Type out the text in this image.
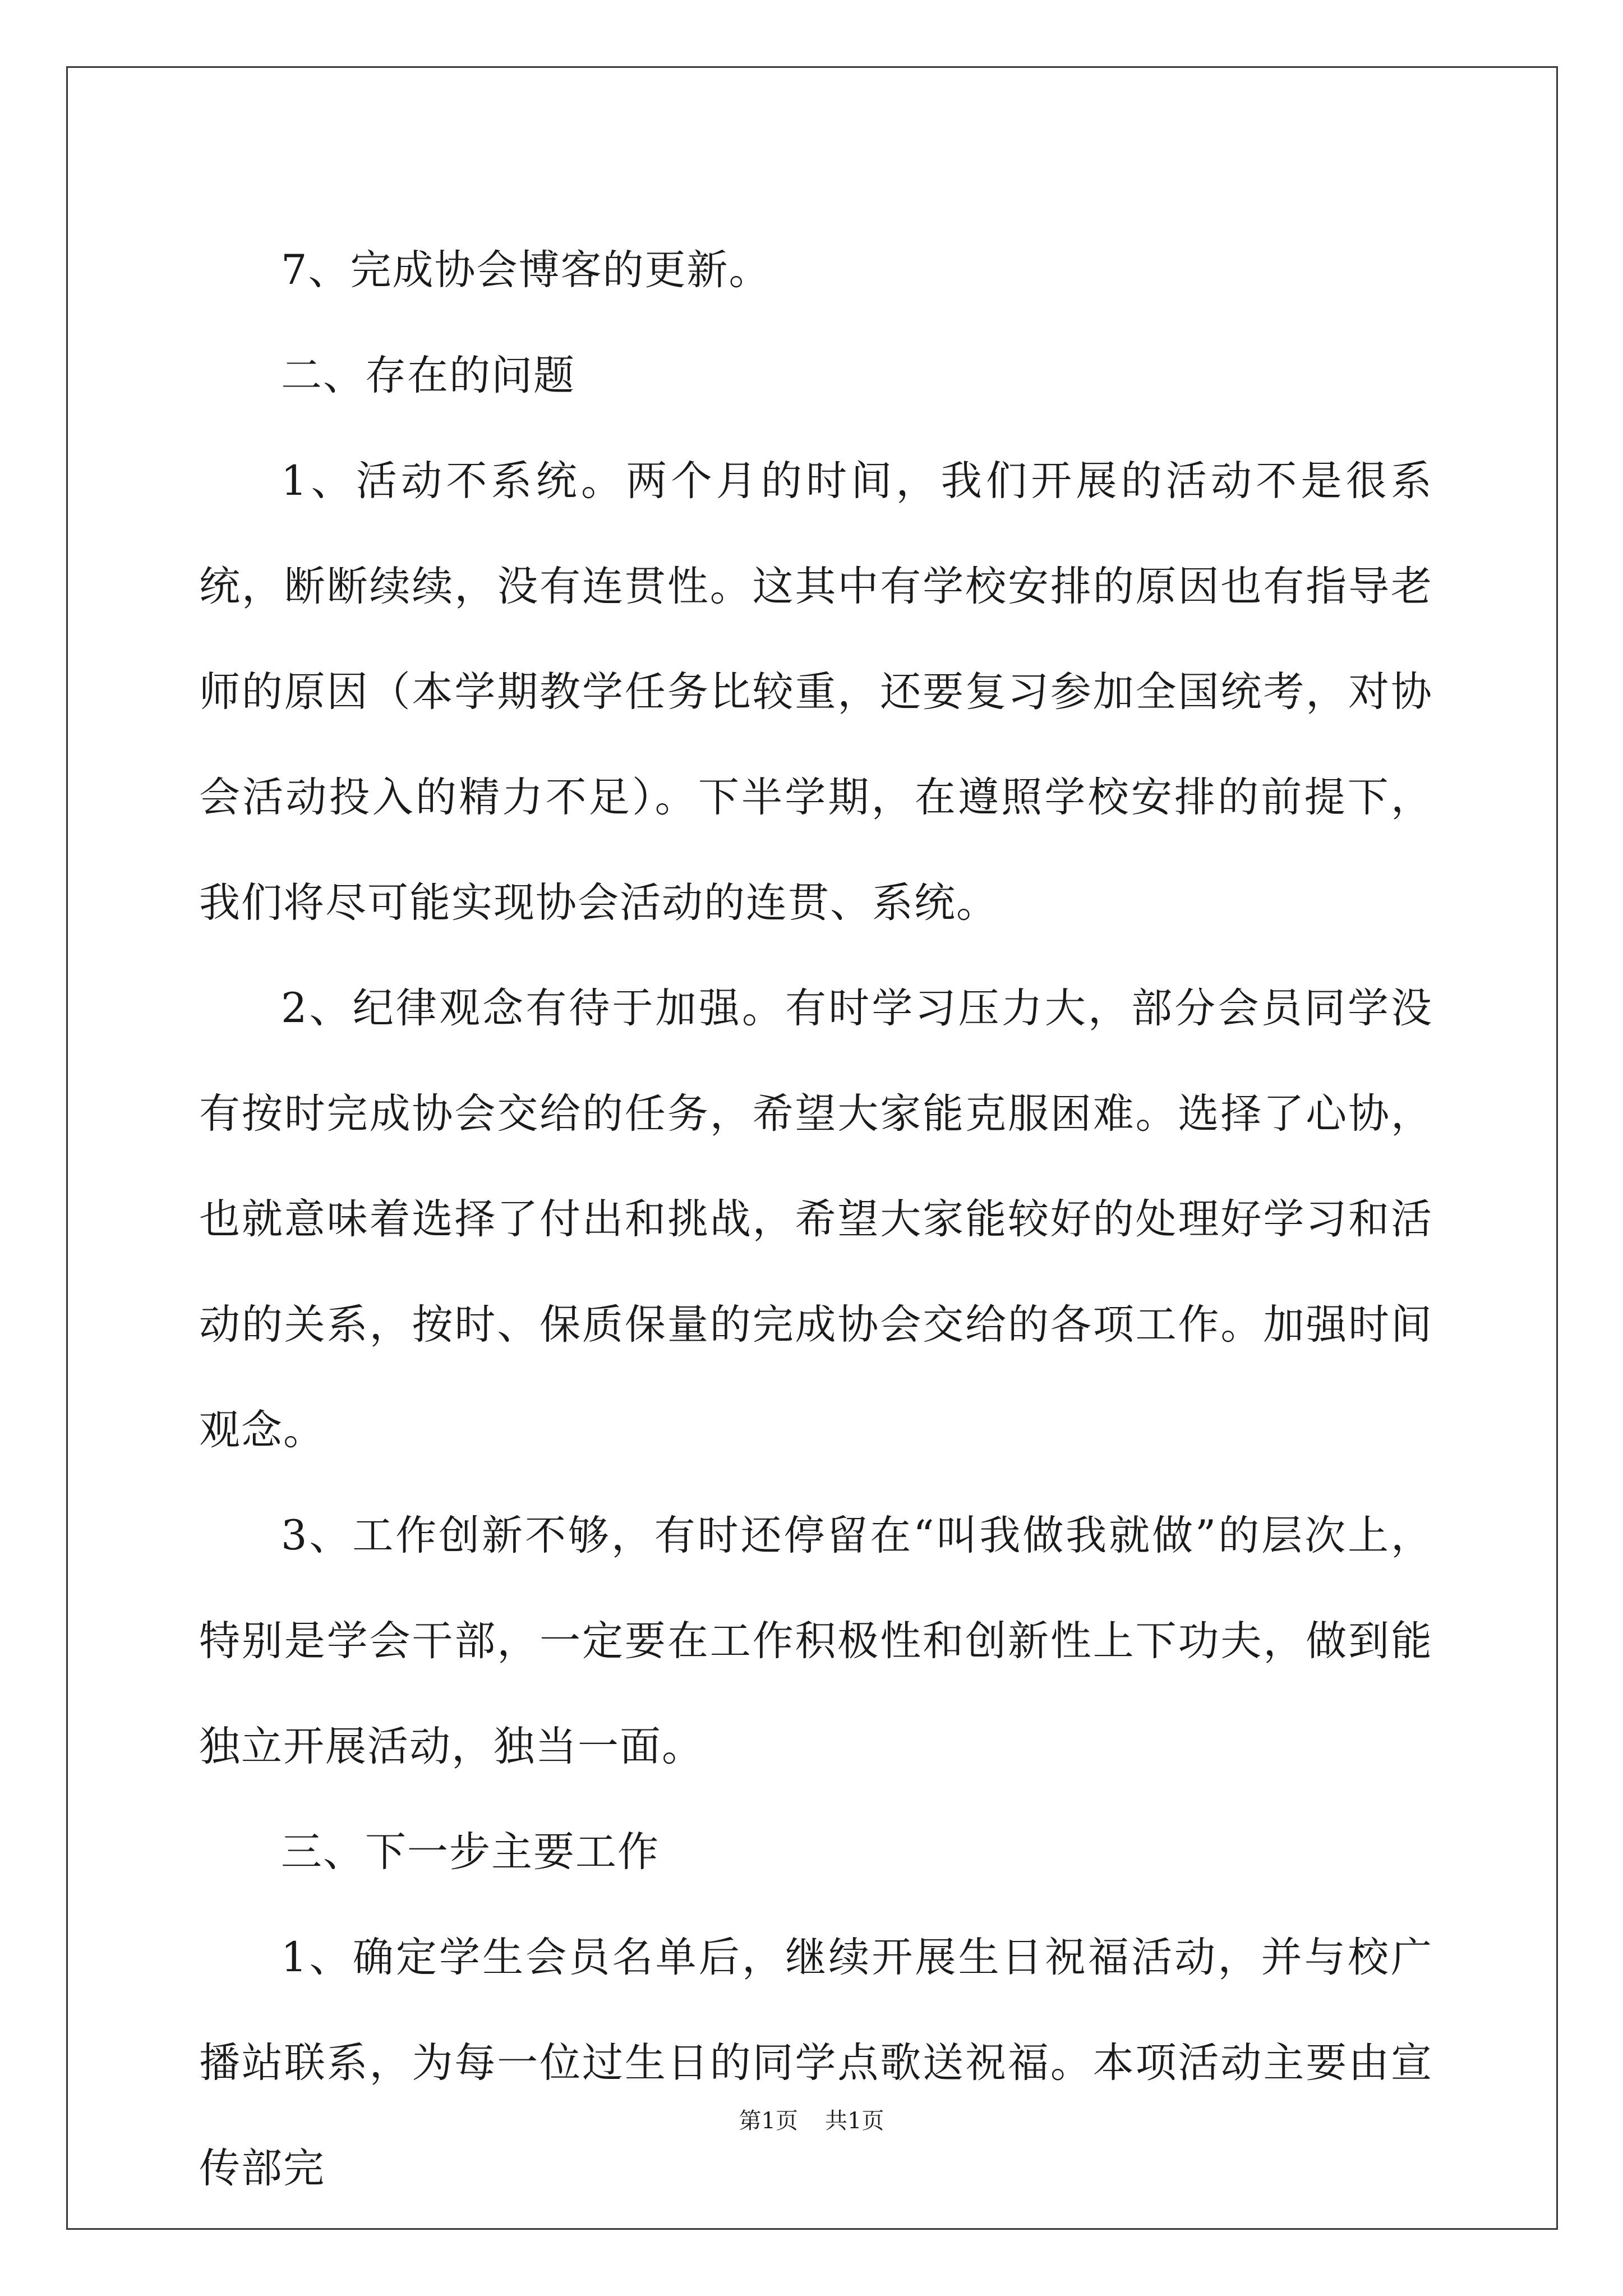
7、完成协会博客的更新。

二、存在的问题

1、活动不系统。两个月的时间，我们开展的活动不是很系统，断断续续，没有连贯性。这其中有学校安排的原因也有指导老师的原因（本学期教学任务比较重，还要复习参加全国统考，对协会活动投入的精力不足）。下半学期，在遵照学校安排的前提下，我们将尽可能实现协会活动的连贯、系统。

2、纪律观念有待于加强。有时学习压力大，部分会员同学没有按时完成协会交给的任务，希望大家能克服困难。选择了心协，也就意味着选择了付出和挑战，希望大家能较好的处理好学习和活动的关系，按时、保质保量的完成协会交给的各项工作。加强时间观念。

3、工作创新不够，有时还停留在“叫我做我就做”的层次上，特别是学会干部，一定要在工作积极性和创新性上下功夫，做到能独立开展活动，独当一面。

三、下一步主要工作

1、确定学生会员名单后，继续开展生日祝福活动，并与校广播站联系，为每一位过生日的同学点歌送祝福。本项活动主要由宣传部完

第1页 共1页
